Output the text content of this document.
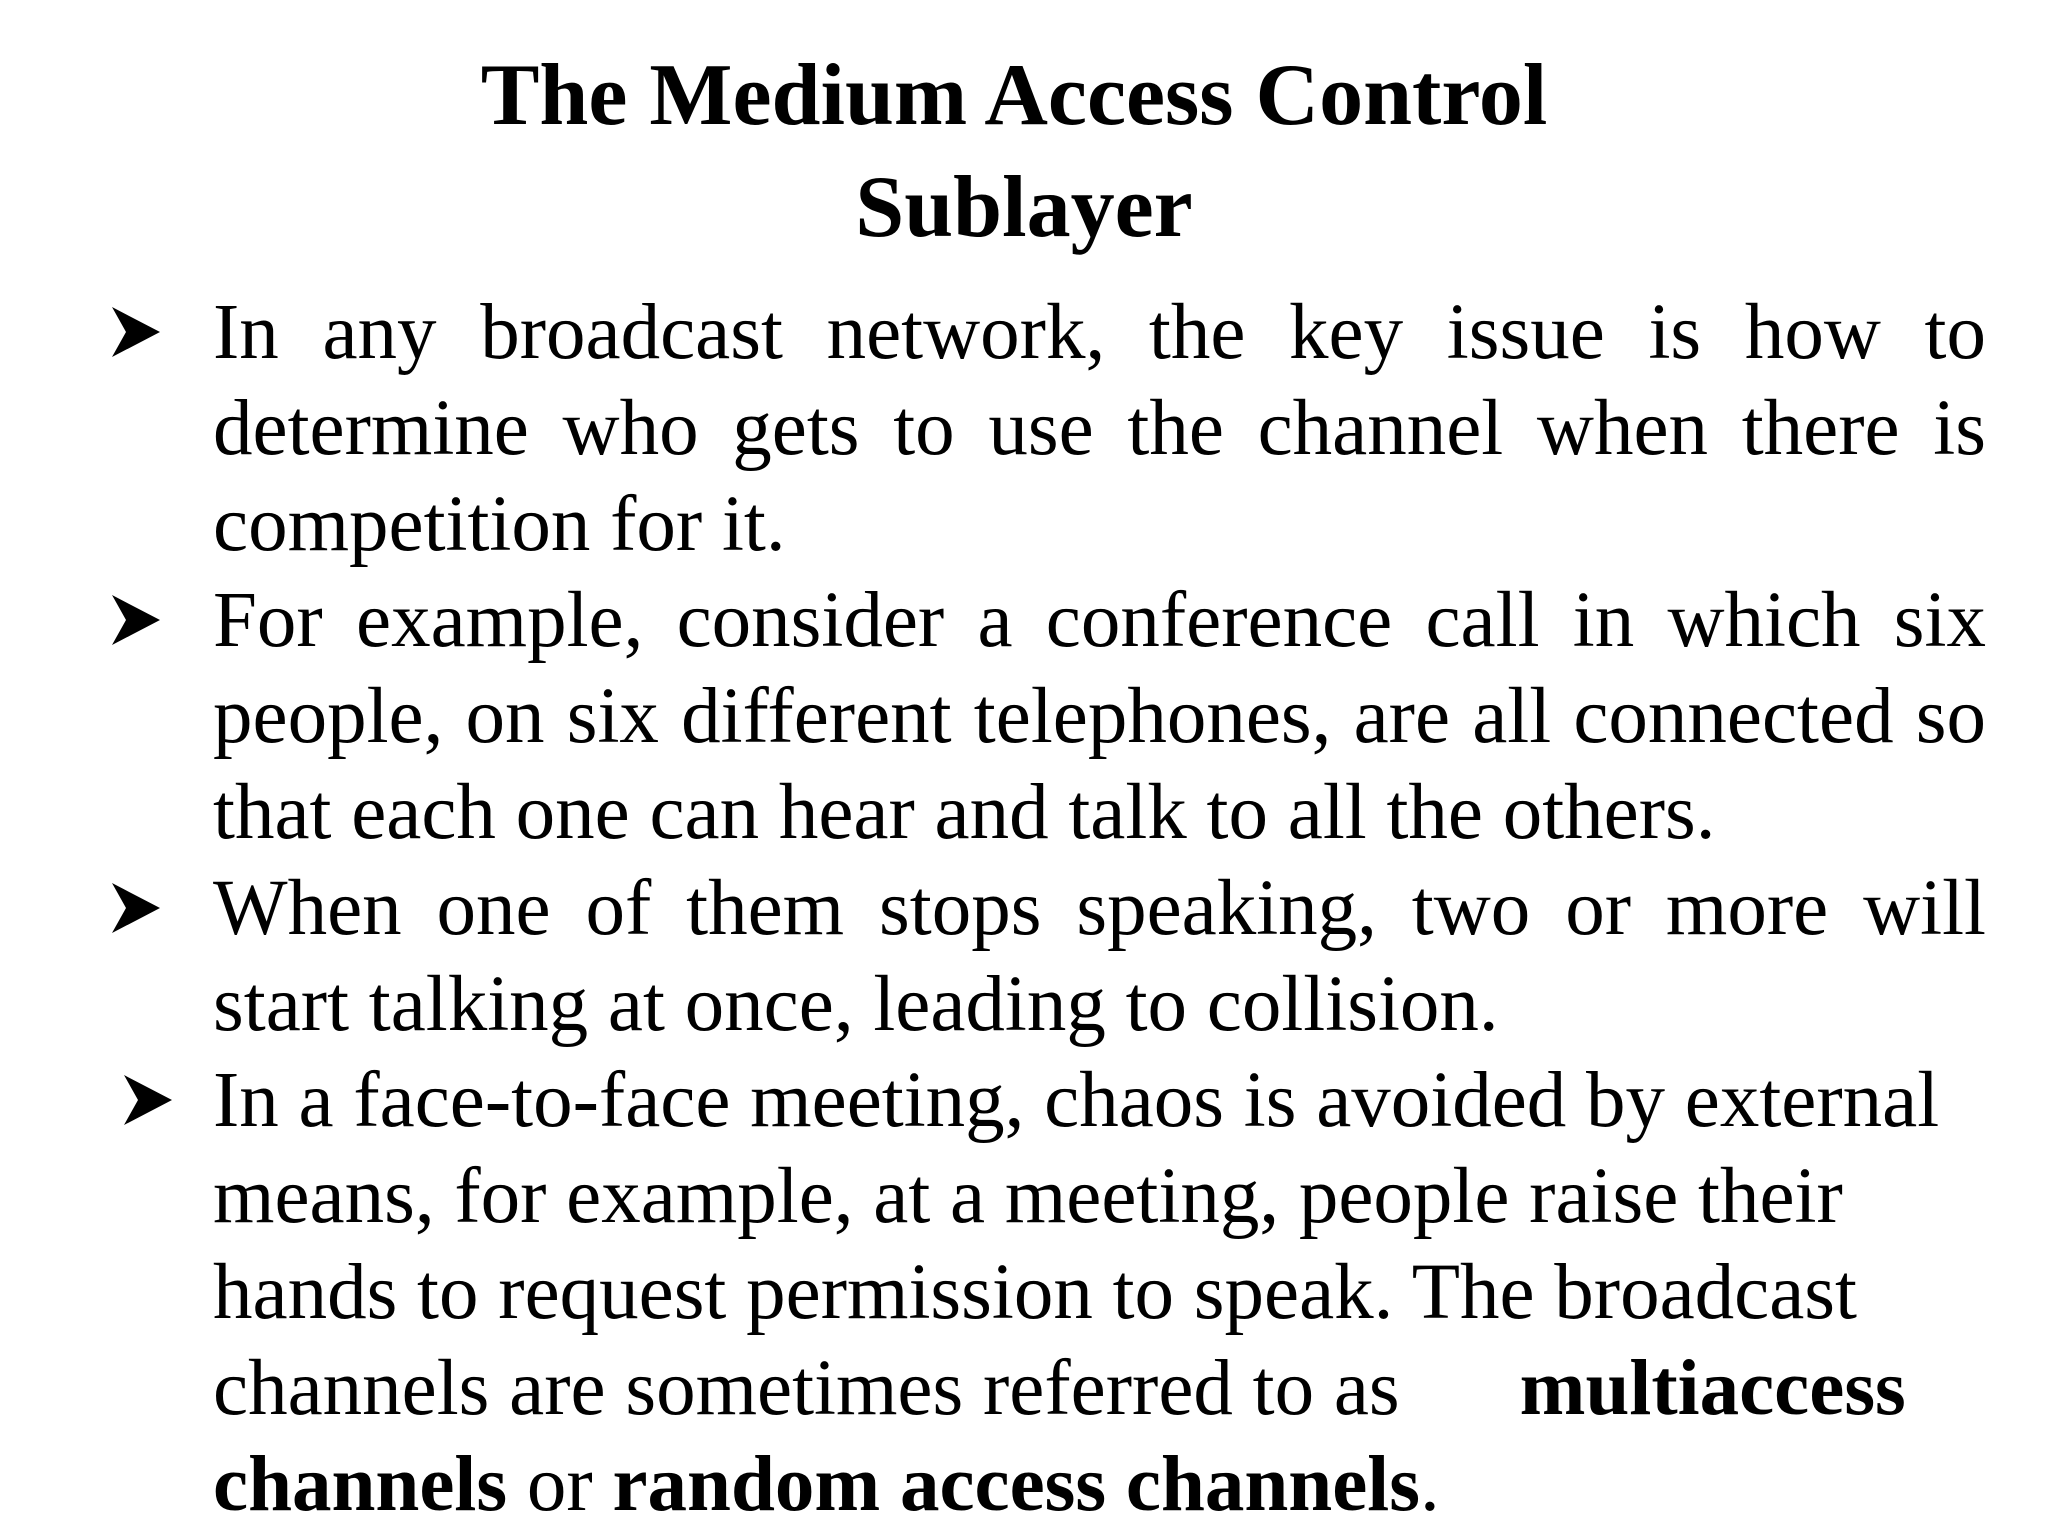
The Medium Access Control
Sublayer
In any broadcast network, the key issue is how to determine who gets to use the channel when there is competition for it.
For example, consider a conference call in which six people, on six different telephones, are all connected so that each one can hear and talk to all the others.
When one of them stops speaking, two or more will start talking at once, leading to collision.
In a face-to-face meeting, chaos is avoided by external means, for example, at a meeting, people raise their hands to request permission to speak. The broadcast channels are sometimes referred to as multiaccess channels or random access channels.
